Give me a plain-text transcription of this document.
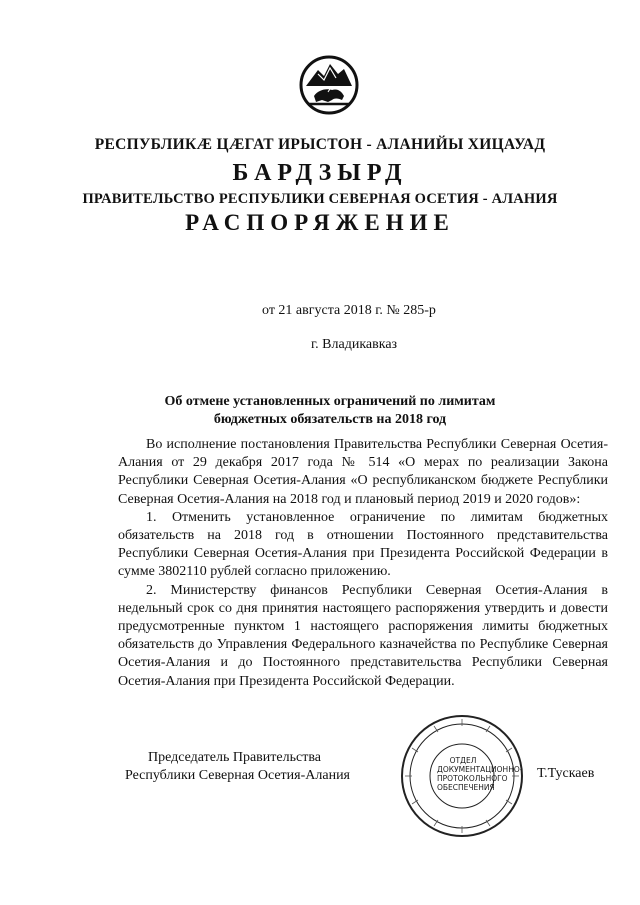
РЕСПУБЛИКӔ ЦӔГАТ ИРЫСТОН - АЛАНИЙЫ ХИЦАУАД
БАРДЗЫРД
ПРАВИТЕЛЬСТВО РЕСПУБЛИКИ СЕВЕРНАЯ ОСЕТИЯ - АЛАНИЯ
РАСПОРЯЖЕНИЕ
от 21 августа 2018 г. № 285-р
г. Владикавказ
Об отмене установленных ограничений по лимитам
бюджетных обязательств на 2018 год

Во исполнение постановления Правительства Республики Северная Осетия-Алания от 29 декабря 2017 года № 514 «О мерах по реализации Закона Республики Северная Осетия-Алания «О республиканском бюджете Республики Северная Осетия-Алания на 2018 год и плановый период 2019 и 2020 годов»:

1. Отменить установленное ограничение по лимитам бюджетных обязательств на 2018 год в отношении Постоянного представительства Республики Северная Осетия-Алания при Президента Российской Федерации в сумме 3802110 рублей согласно приложению.

2. Министерству финансов Республики Северная Осетия-Алания в недельный срок со дня принятия настоящего распоряжения утвердить и довести предусмотренные пунктом 1 настоящего распоряжения лимиты бюджетных обязательств до Управления Федерального казначейства по Республике Северная Осетия-Алания и до Постоянного представительства Республики Северная Осетия-Алания при Президента Российской Федерации.

Председатель Правительства
Республики Северная Осетия-Алания
ОТДЕЛ
ДОКУМЕНТАЦИОННО-
ПРОТОКОЛЬНОГО
ОБЕСПЕЧЕНИЯ
Т.Тускаев
